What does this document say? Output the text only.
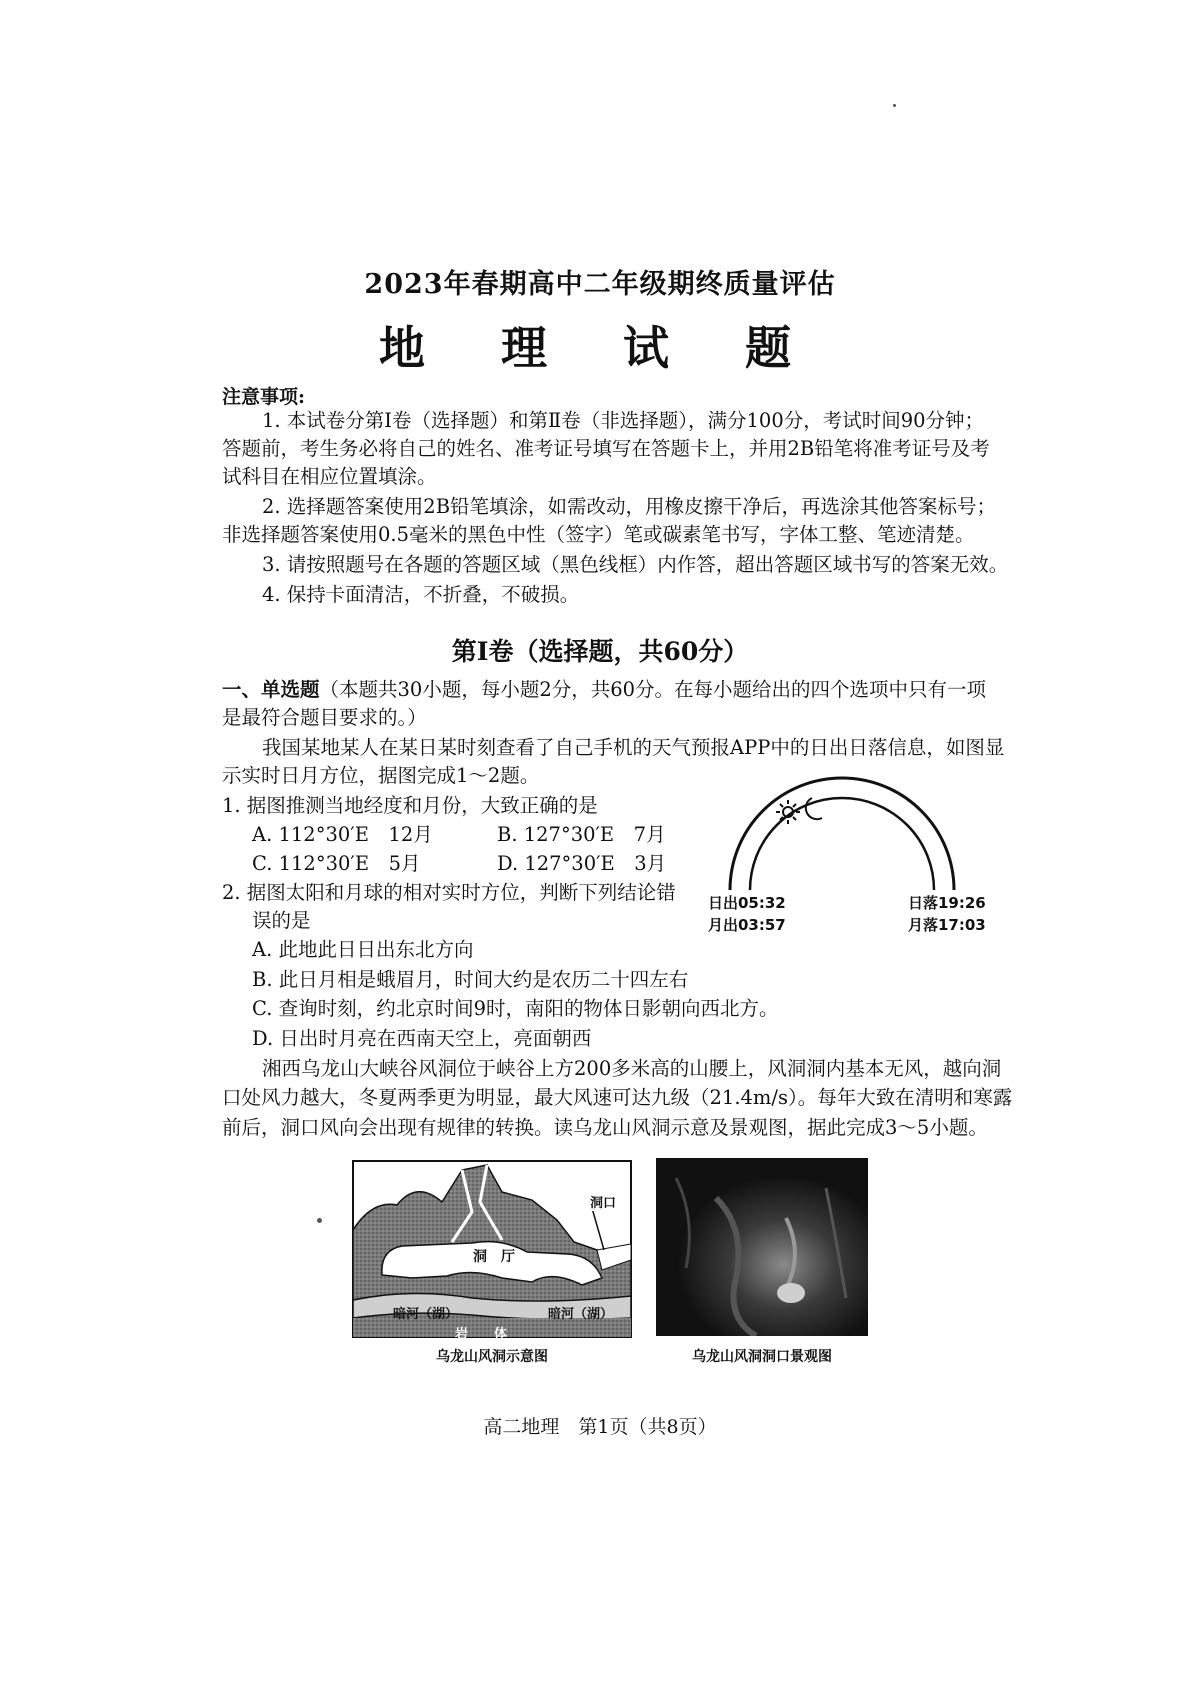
2023年春期高中二年级期终质量评估
地 理 试 题
注意事项:
1. 本试卷分第Ⅰ卷（选择题）和第Ⅱ卷（非选择题），满分100分，考试时间90分钟；
答题前，考生务必将自己的姓名、准考证号填写在答题卡上，并用2B铅笔将准考证号及考
试科目在相应位置填涂。
2. 选择题答案使用2B铅笔填涂，如需改动，用橡皮擦干净后，再选涂其他答案标号；
非选择题答案使用0.5毫米的黑色中性（签字）笔或碳素笔书写，字体工整、笔迹清楚。
3. 请按照题号在各题的答题区域（黑色线框）内作答，超出答题区域书写的答案无效。
4. 保持卡面清洁，不折叠，不破损。
第Ⅰ卷（选择题，共60分）
一、单选题（本题共30小题，每小题2分，共60分。在每小题给出的四个选项中只有一项
是最符合题目要求的。）
我国某地某人在某日某时刻查看了自己手机的天气预报APP中的日出日落信息，如图显
示实时日月方位，据图完成1～2题。
1. 据图推测当地经度和月份，大致正确的是
A. 112°30′E　12月	B. 127°30′E　7月
C. 112°30′E　5月	D. 127°30′E　3月
2. 据图太阳和月球的相对实时方位，判断下列结论错
误的是
A. 此地此日日出东北方向
B. 此日月相是蛾眉月，时间大约是农历二十四左右
C. 查询时刻，约北京时间9时，南阳的物体日影朝向西北方。
D. 日出时月亮在西南天空上，亮面朝西
日出05:32
月出03:57
日落19:26
月落17:03
湘西乌龙山大峡谷风洞位于峡谷上方200多米高的山腰上，风洞洞内基本无风，越向洞
口处风力越大，冬夏两季更为明显，最大风速可达九级（21.4m/s）。每年大致在清明和寒露
前后，洞口风向会出现有规律的转换。读乌龙山风洞示意及景观图，据此完成3～5小题。
洞口
洞　厅
暗河（湖）	暗河（湖）
岩　　体
乌龙山风洞示意图	乌龙山风洞洞口景观图
高二地理　第1页（共8页）
